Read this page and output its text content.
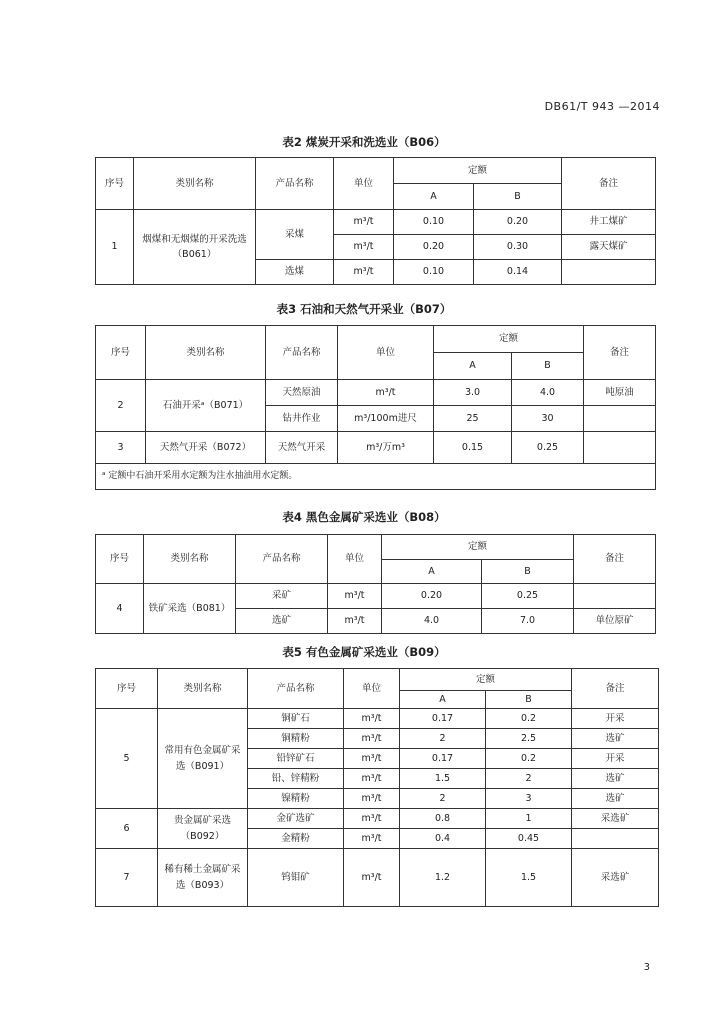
DB61/T 943 —2014
表2 煤炭开采和洗选业（B06）
序号	类别名称	产品名称	单位	定额		备注
				A	B	
1	烟煤和无烟煤的开采洗选（B061）	采煤	m³/t	0.10	0.20	井工煤矿
			m³/t	0.20	0.30	露天煤矿
		选煤	m³/t	0.10	0.14	
表3 石油和天然气开采业（B07）
序号	类别名称	产品名称	单位	定额		备注
				A	B	
2	石油开采ᵃ（B071）	天然原油	m³/t	3.0	4.0	吨原油
		钻井作业	m³/100m进尺	25	30	
3	天然气开采（B072）	天然气开采	m³/万m³	0.15	0.25	
ᵃ 定额中石油开采用水定额为注水抽油用水定额。						
表4 黑色金属矿采选业（B08）
序号	类别名称	产品名称	单位	定额		备注
				A	B	
4	铁矿采选（B081）	采矿	m³/t	0.20	0.25	
		选矿	m³/t	4.0	7.0	单位原矿
表5 有色金属矿采选业（B09）
序号	类别名称	产品名称	单位	定额		备注
				A	B	
5	常用有色金属矿采选（B091）	铜矿石	m³/t	0.17	0.2	开采
		铜精粉	m³/t	2	2.5	选矿
		铅锌矿石	m³/t	0.17	0.2	开采
		铅、锌精粉	m³/t	1.5	2	选矿
		镍精粉	m³/t	2	3	选矿
6	贵金属矿采选（B092）	金矿选矿	m³/t	0.8	1	采选矿
		金精粉	m³/t	0.4	0.45	
7	稀有稀土金属矿采选（B093）	钨钼矿	m³/t	1.2	1.5	采选矿
3
